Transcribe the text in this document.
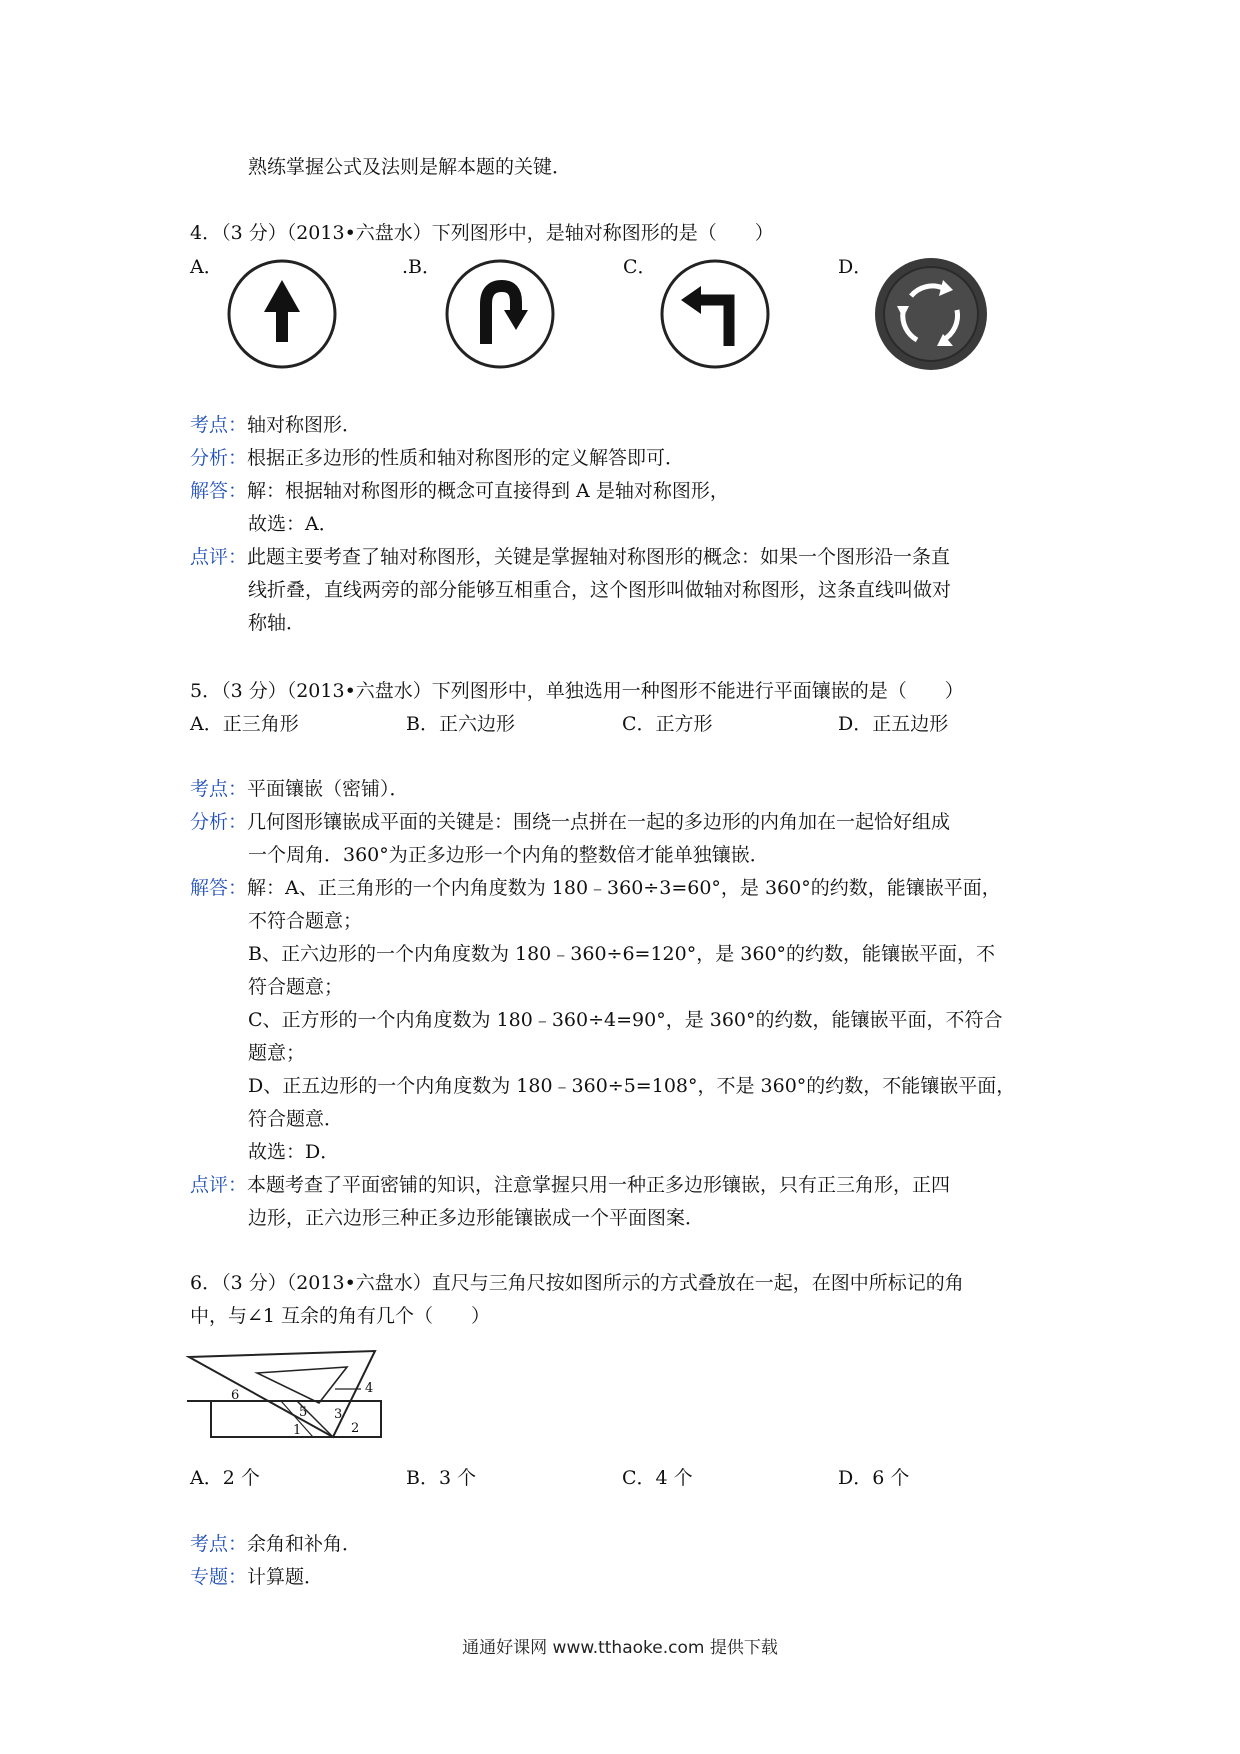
熟练掌握公式及法则是解本题的关键．
4．（3 分）（2013•六盘水）下列图形中，是轴对称图形的是（　　）
A．	.B．	C．	D．
考点：轴对称图形．
分析：根据正多边形的性质和轴对称图形的定义解答即可．
解答：解：根据轴对称图形的概念可直接得到 A 是轴对称图形，
故选：A．
点评：此题主要考查了轴对称图形，关键是掌握轴对称图形的概念：如果一个图形沿一条直
线折叠，直线两旁的部分能够互相重合，这个图形叫做轴对称图形，这条直线叫做对
称轴．
5．（3 分）（2013•六盘水）下列图形中，单独选用一种图形不能进行平面镶嵌的是（　　）
A．正三角形	B．正六边形	C．正方形	D．正五边形
考点：平面镶嵌（密铺）．
分析：几何图形镶嵌成平面的关键是：围绕一点拼在一起的多边形的内角加在一起恰好组成
一个周角．360°为正多边形一个内角的整数倍才能单独镶嵌．
解答：解：A、正三角形的一个内角度数为 180﹣360÷3=60°，是 360°的约数，能镶嵌平面，
不符合题意；
B、正六边形的一个内角度数为 180﹣360÷6=120°，是 360°的约数，能镶嵌平面，不
符合题意；
C、正方形的一个内角度数为 180﹣360÷4=90°，是 360°的约数，能镶嵌平面，不符合
题意；
D、正五边形的一个内角度数为 180﹣360÷5=108°，不是 360°的约数，不能镶嵌平面，
符合题意．
故选：D．
点评：本题考查了平面密铺的知识，注意掌握只用一种正多边形镶嵌，只有正三角形，正四
边形，正六边形三种正多边形能镶嵌成一个平面图案．
6．（3 分）（2013•六盘水）直尺与三角尺按如图所示的方式叠放在一起，在图中所标记的角
中，与∠1 互余的角有几个（　　）
1	2
3
4
5
6
A．2 个	B．3 个	C．4 个	D．6 个
考点：余角和补角．
专题：计算题．
通通好课网 www.tthaoke.com 提供下载
